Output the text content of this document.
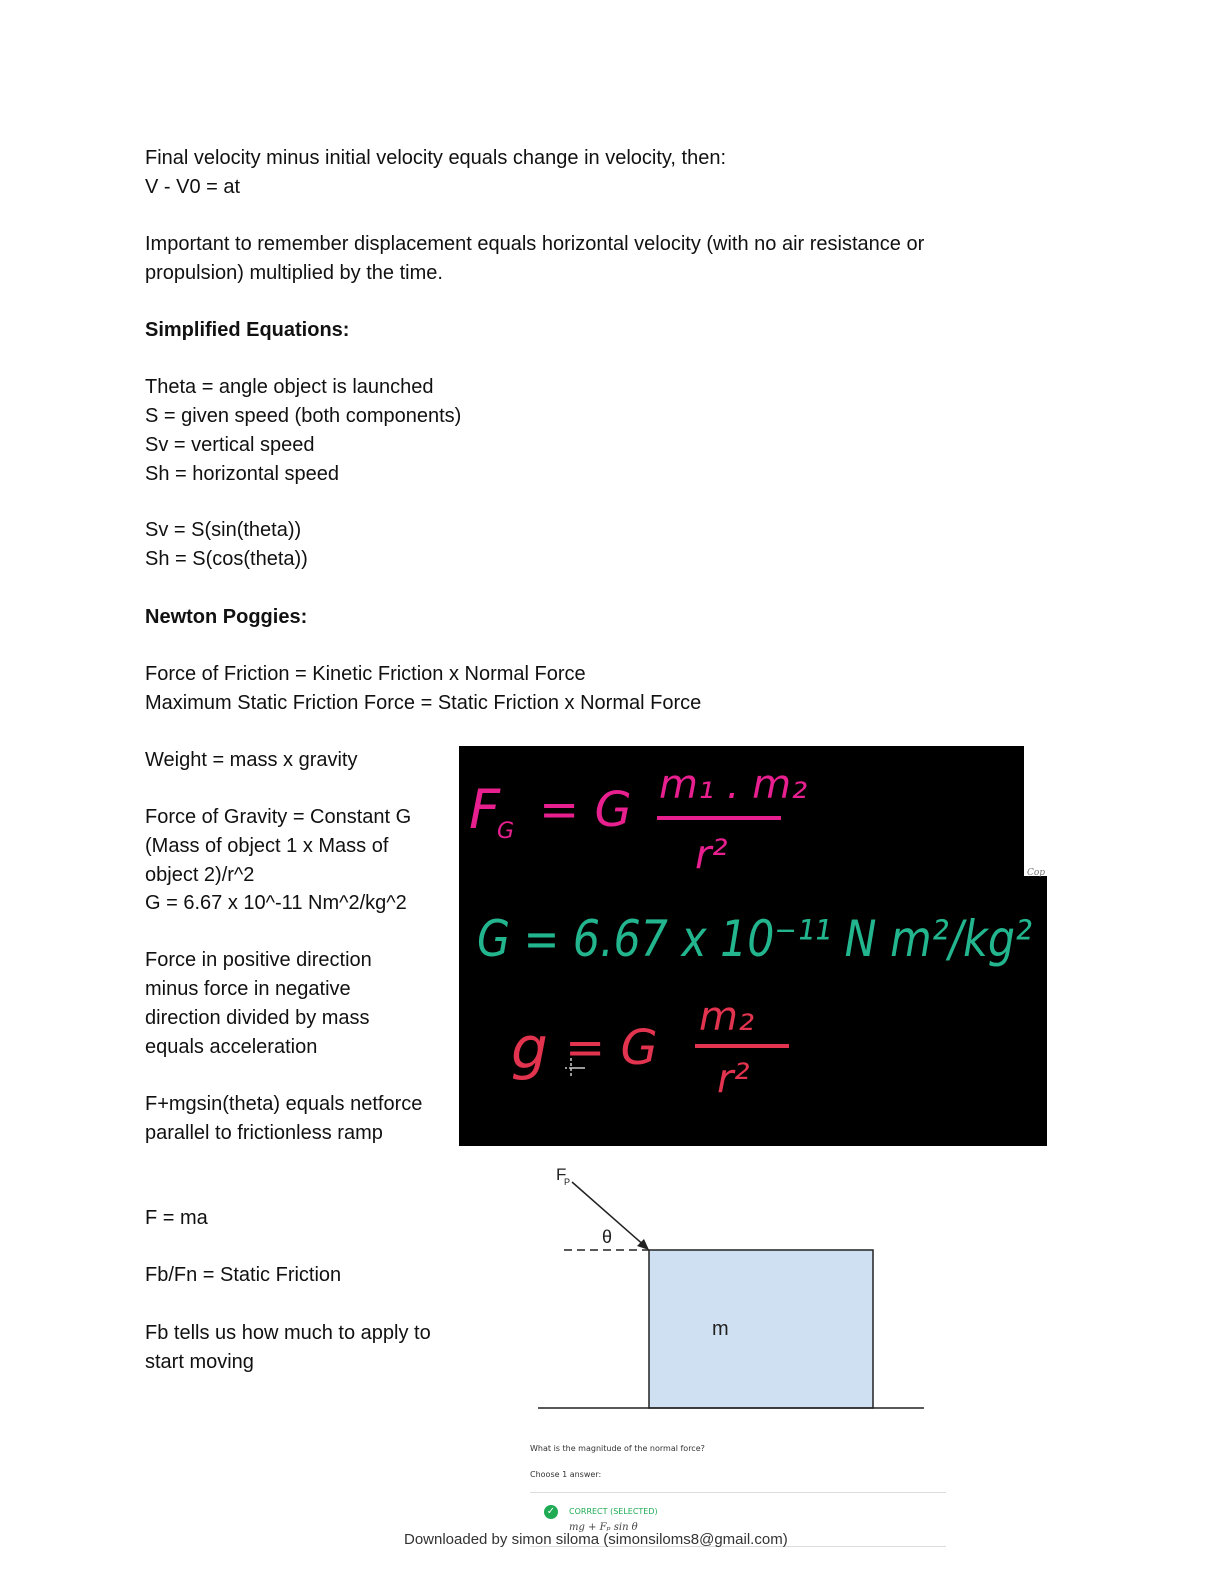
Final velocity minus initial velocity equals change in velocity, then:
V - V0 = at
Important to remember displacement equals horizontal velocity (with no air resistance or
propulsion) multiplied by the time.
Simplified Equations:
Theta = angle object is launched
S = given speed (both components)
Sv = vertical speed
Sh = horizontal speed
Sv = S(sin(theta))
Sh = S(cos(theta))
Newton Poggies:
Force of Friction = Kinetic Friction x Normal Force
Maximum Static Friction Force = Static Friction x Normal Force
Weight = mass x gravity
Force of Gravity = Constant G (Mass of object 1 x Mass of object 2)/r^2
G = 6.67 x 10^-11 Nm^2/kg^2
Force in positive direction minus force in negative direction divided by mass equals acceleration
F+mgsin(theta) equals netforce parallel to frictionless ramp
F = ma
Fb/Fn = Static Friction
Fb tells us how much to apply to start moving
F
G = G m₁ . m₂
r²
G = 6.67 x 10⁻¹¹ N m²/kg²
g = G
m₂
r²
Cop
F
P
θ
m
What is the magnitude of the normal force?
Choose 1 answer:
✓	CORRECT (SELECTED)
mg + Fₚ sin θ
Downloaded by simon siloma (simonsiloms8@gmail.com)
